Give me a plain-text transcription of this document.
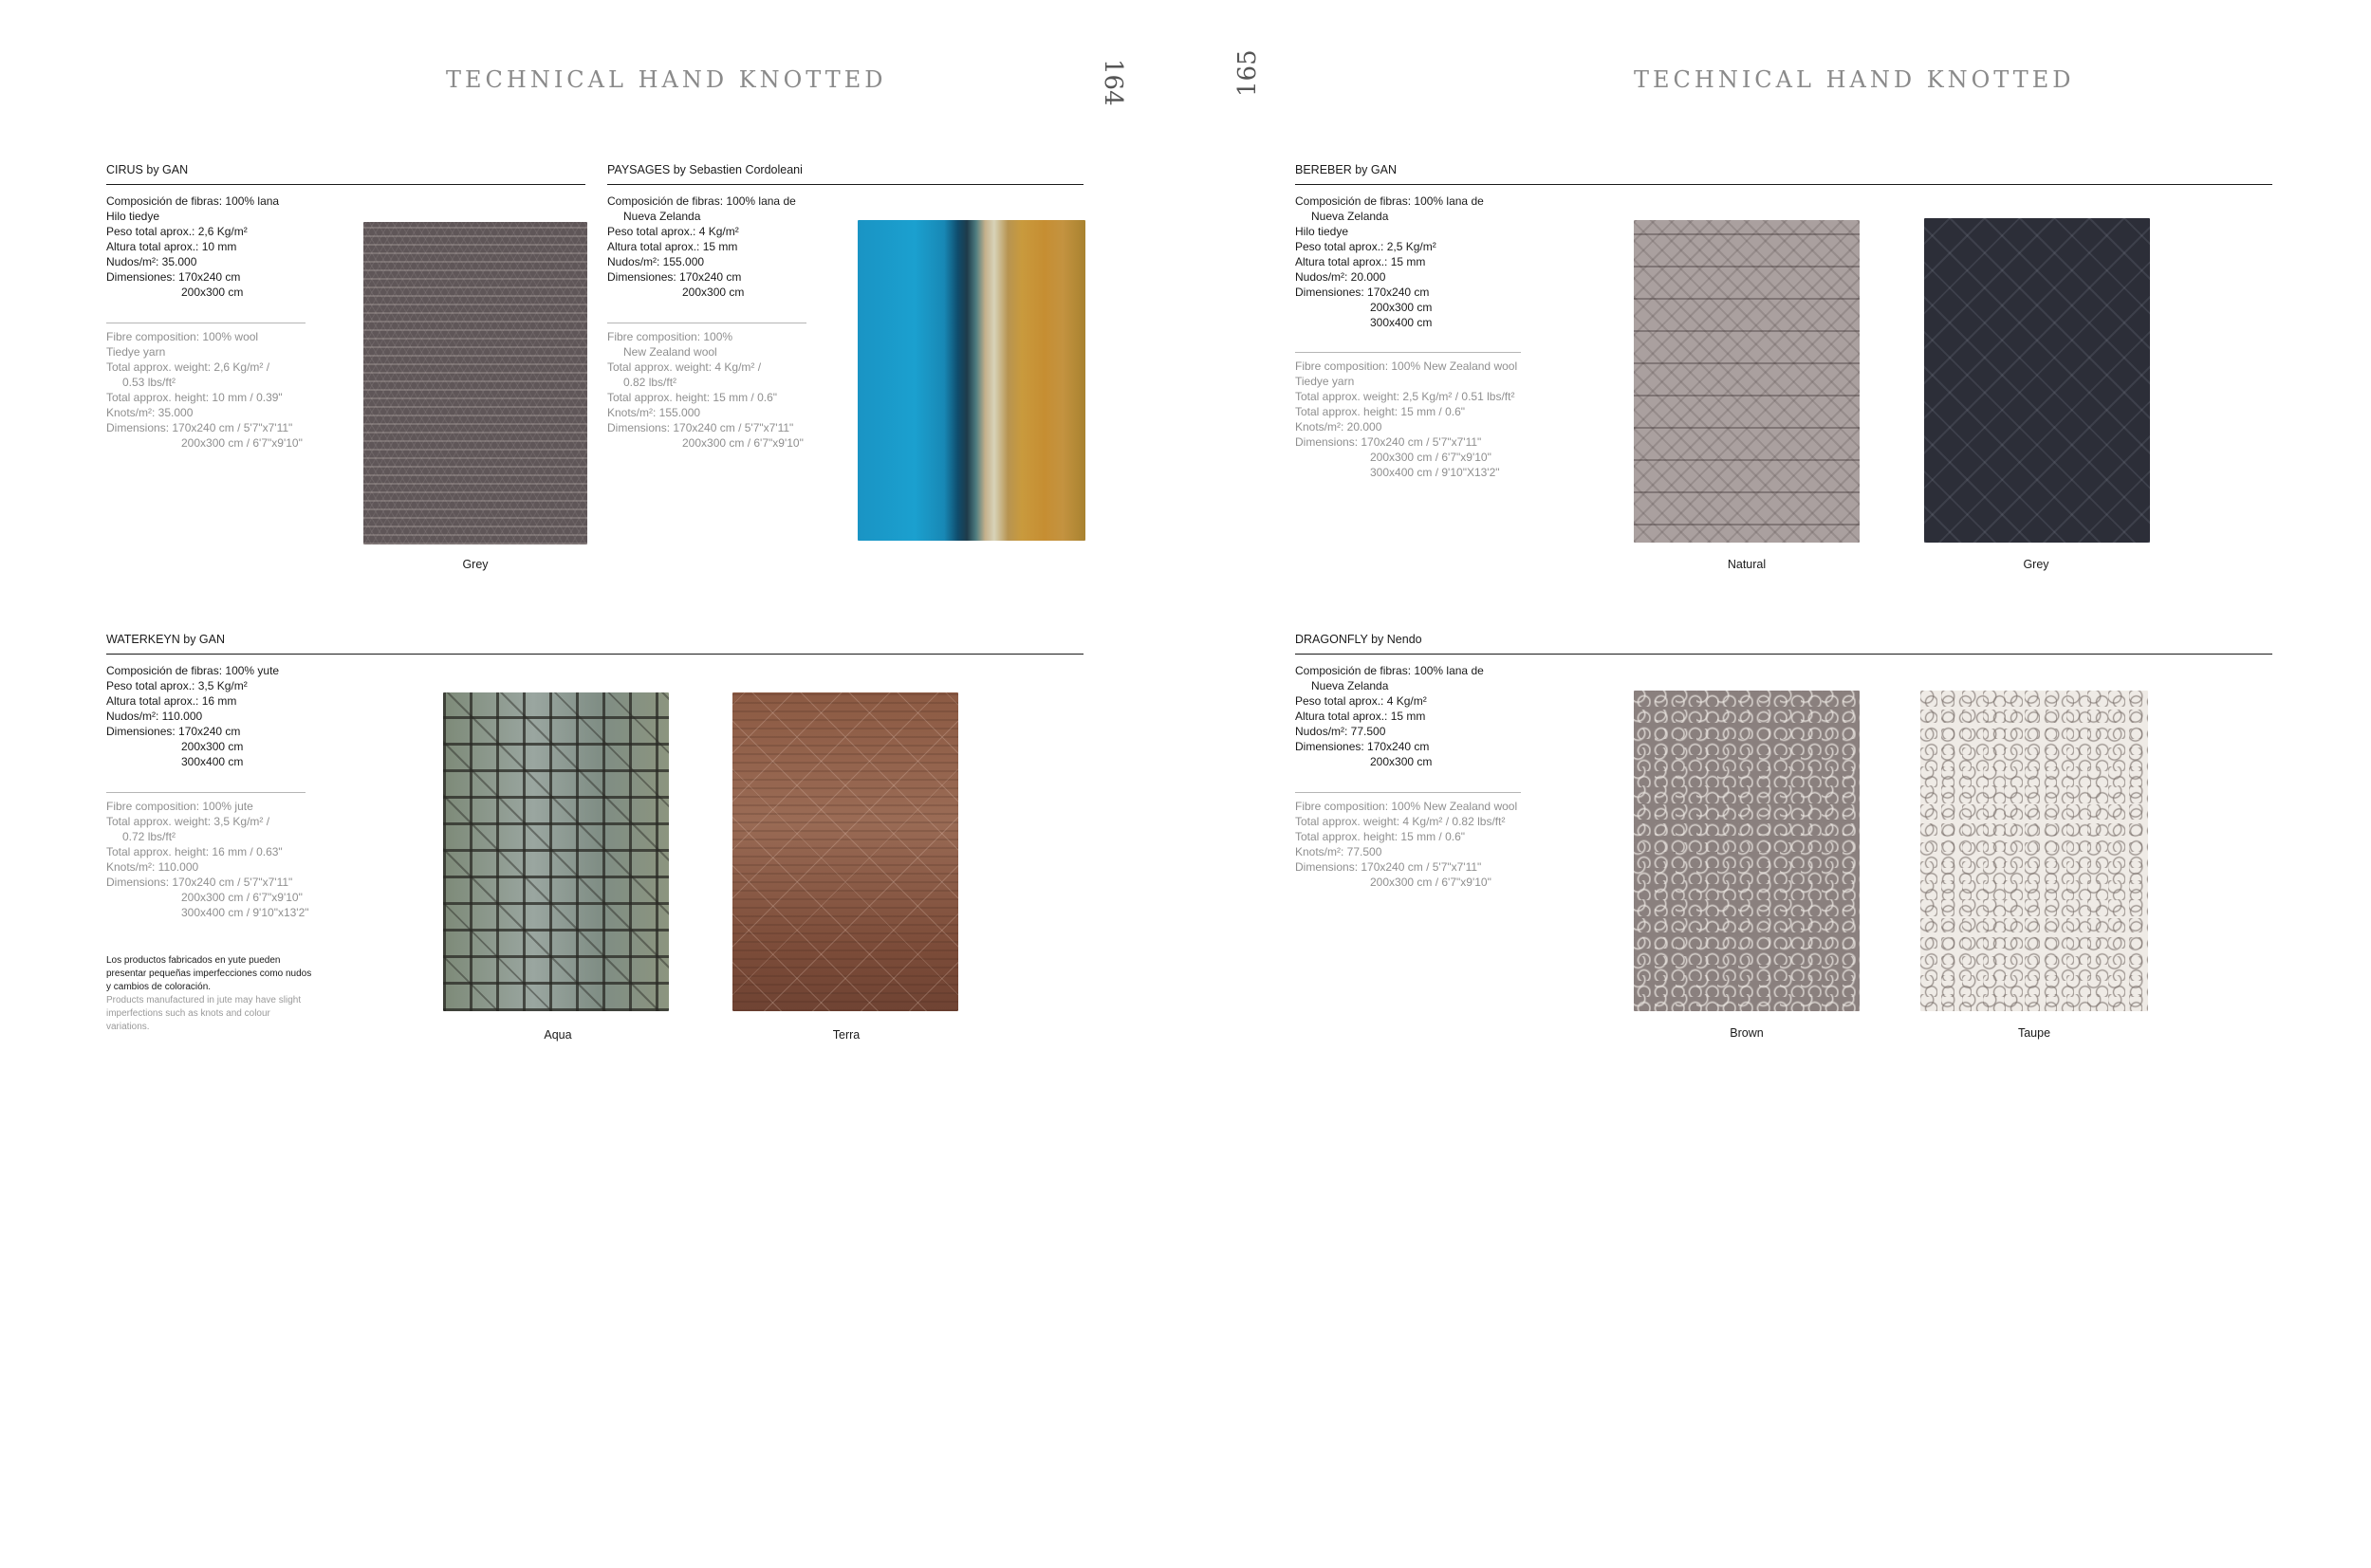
TECHNICAL HAND KNOTTED	TECHNICAL HAND KNOTTED
164	165
CIRUS by GAN
Composición de fibras: 100% lana
Hilo tiedye
Peso total aprox.: 2,6 Kg/m²
Altura total aprox.: 10 mm
Nudos/m²: 35.000
Dimensiones: 170x240 cm
200x300 cm
Fibre composition: 100% wool
Tiedye yarn
Total approx. weight: 2,6 Kg/m² /
0.53 lbs/ft²
Total approx. height: 10 mm / 0.39"
Knots/m²: 35.000
Dimensions: 170x240 cm / 5'7"x7'11"
200x300 cm / 6'7"x9'10"
Grey
PAYSAGES by Sebastien Cordoleani
Composición de fibras: 100% lana de
Nueva Zelanda
Peso total aprox.: 4 Kg/m²
Altura total aprox.: 15 mm
Nudos/m²: 155.000
Dimensiones: 170x240 cm
200x300 cm
Fibre composition: 100%
New Zealand wool
Total approx. weight: 4 Kg/m² /
0.82 lbs/ft²
Total approx. height: 15 mm / 0.6"
Knots/m²: 155.000
Dimensions: 170x240 cm / 5'7"x7'11"
200x300 cm / 6'7"x9'10"
BEREBER by GAN
Composición de fibras: 100% lana de
Nueva Zelanda
Hilo tiedye
Peso total aprox.: 2,5 Kg/m²
Altura total aprox.: 15 mm
Nudos/m²: 20.000
Dimensiones: 170x240 cm
200x300 cm
300x400 cm
Fibre composition: 100% New Zealand wool
Tiedye yarn
Total approx. weight: 2,5 Kg/m² / 0.51 lbs/ft²
Total approx. height: 15 mm / 0.6"
Knots/m²: 20.000
Dimensions: 170x240 cm / 5'7"x7'11"
200x300 cm / 6'7"x9'10"
300x400 cm / 9'10"X13'2"
Natural	Grey
WATERKEYN by GAN
Composición de fibras: 100% yute
Peso total aprox.: 3,5 Kg/m²
Altura total aprox.: 16 mm
Nudos/m²: 110.000
Dimensiones: 170x240 cm
200x300 cm
300x400 cm
Fibre composition: 100% jute
Total approx. weight: 3,5 Kg/m² /
0.72 lbs/ft²
Total approx. height: 16 mm / 0.63"
Knots/m²: 110.000
Dimensions: 170x240 cm / 5'7"x7'11"
200x300 cm / 6'7"x9'10"
300x400 cm / 9'10"x13'2"
Los productos fabricados en yute pueden presentar pequeñas imperfecciones como nudos y cambios de coloración.
Products manufactured in jute may have slight imperfections such as knots and colour variations.
Aqua	Terra
DRAGONFLY by Nendo
Composición de fibras: 100% lana de
Nueva Zelanda
Peso total aprox.: 4 Kg/m²
Altura total aprox.: 15 mm
Nudos/m²: 77.500
Dimensiones: 170x240 cm
200x300 cm
Fibre composition: 100% New Zealand wool
Total approx. weight: 4 Kg/m² / 0.82 lbs/ft²
Total approx. height: 15 mm / 0.6"
Knots/m²: 77.500
Dimensions: 170x240 cm / 5'7"x7'11"
200x300 cm / 6'7"x9'10"
Brown	Taupe
